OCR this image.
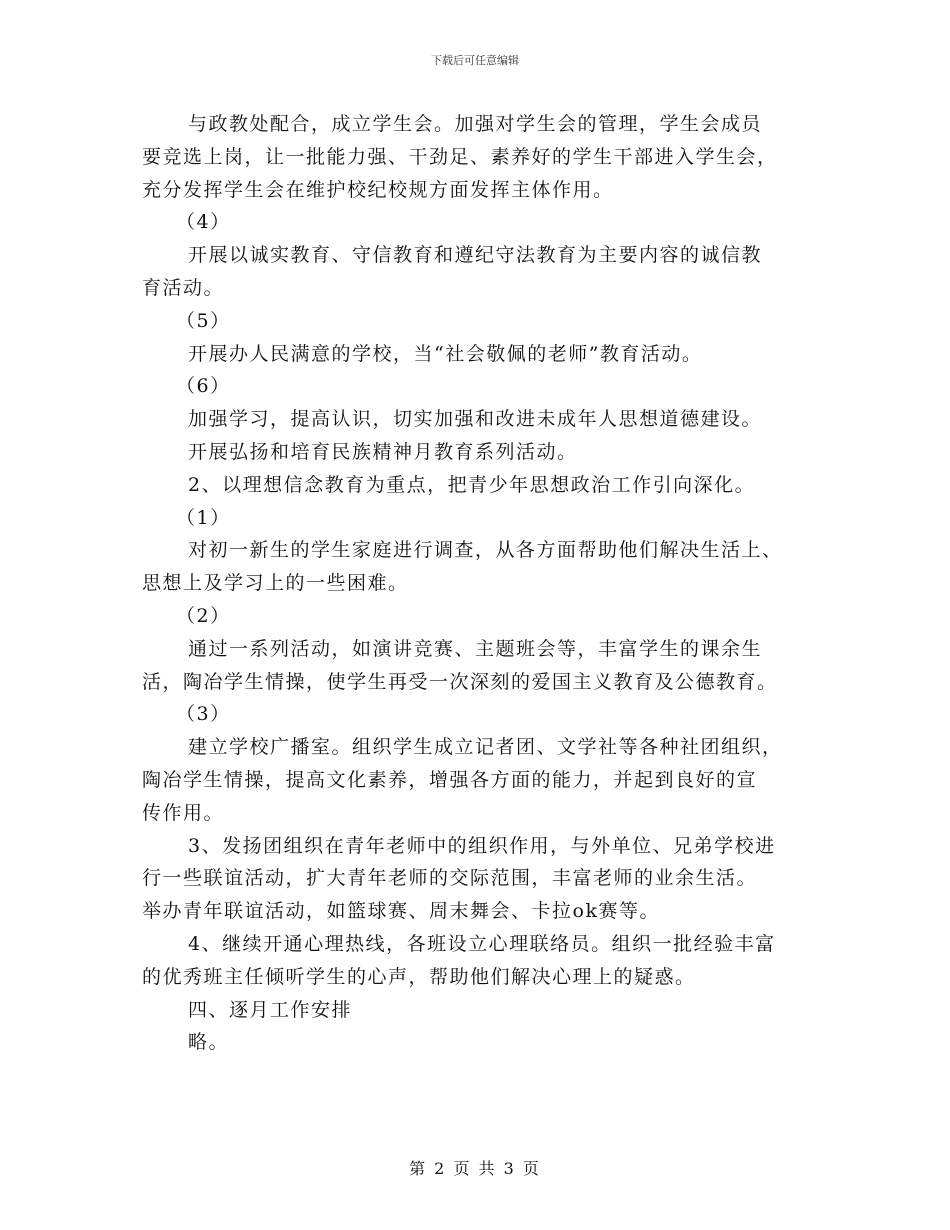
下载后可任意编辑
与政教处配合，成立学生会。加强对学生会的管理，学生会成员
要竞选上岗，让一批能力强、干劲足、素养好的学生干部进入学生会，
充分发挥学生会在维护校纪校规方面发挥主体作用。
（4）
开展以诚实教育、守信教育和遵纪守法教育为主要内容的诚信教
育活动。
（5）
开展办人民满意的学校，当“社会敬佩的老师”教育活动。
（6）
加强学习，提高认识，切实加强和改进未成年人思想道德建设。
开展弘扬和培育民族精神月教育系列活动。
2、以理想信念教育为重点，把青少年思想政治工作引向深化。
（1）
对初一新生的学生家庭进行调查，从各方面帮助他们解决生活上、
思想上及学习上的一些困难。
（2）
通过一系列活动，如演讲竞赛、主题班会等，丰富学生的课余生
活，陶冶学生情操，使学生再受一次深刻的爱国主义教育及公德教育。
（3）
建立学校广播室。组织学生成立记者团、文学社等各种社团组织，
陶冶学生情操，提高文化素养，增强各方面的能力，并起到良好的宣
传作用。
3、发扬团组织在青年老师中的组织作用，与外单位、兄弟学校进
行一些联谊活动，扩大青年老师的交际范围，丰富老师的业余生活。
举办青年联谊活动，如篮球赛、周末舞会、卡拉ok赛等。
4、继续开通心理热线，各班设立心理联络员。组织一批经验丰富
的优秀班主任倾听学生的心声，帮助他们解决心理上的疑惑。
四、逐月工作安排
略。
第 2 页 共 3 页
